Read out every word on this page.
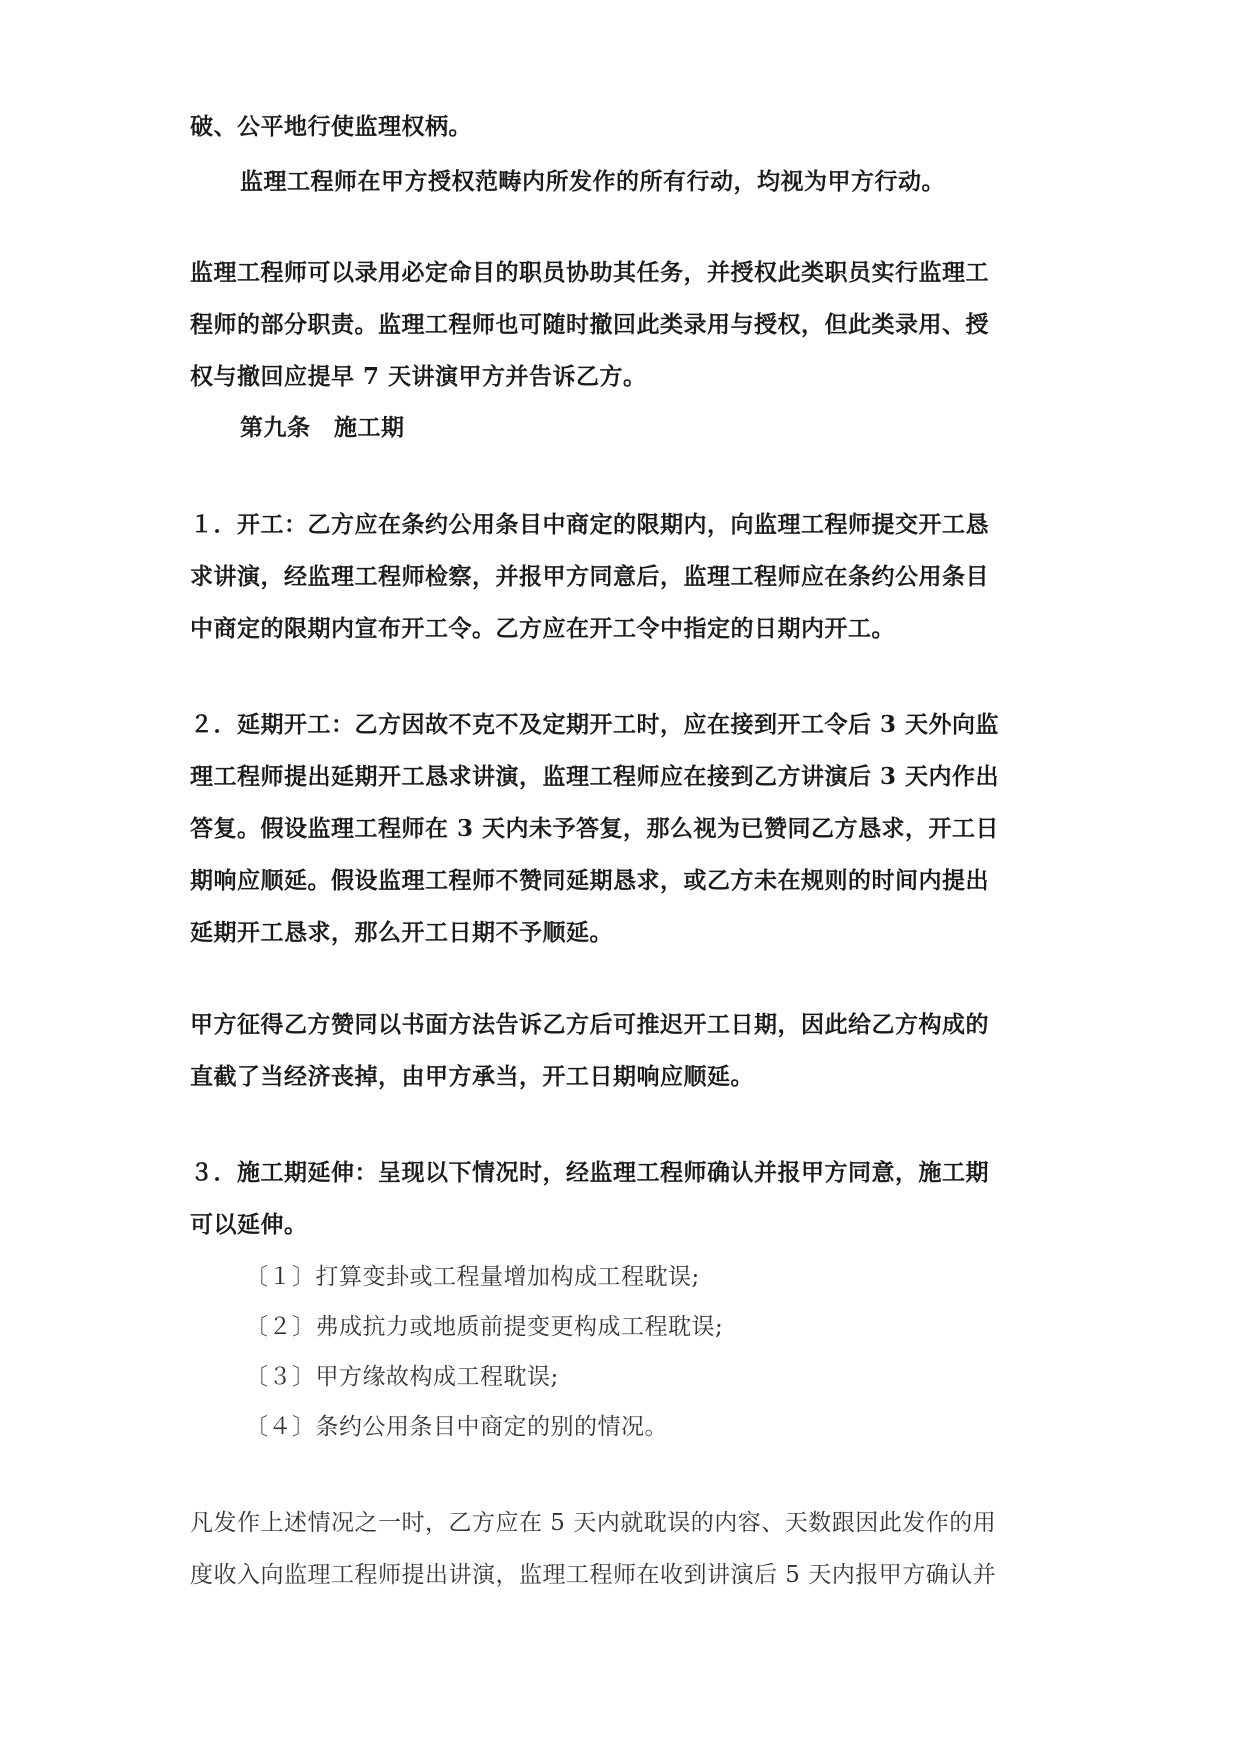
破、公平地行使监理权柄。
监理工程师在甲方授权范畴内所发作的所有行动，均视为甲方行动。
监理工程师可以录用必定命目的职员协助其任务，并授权此类职员实行监理工
程师的部分职责。监理工程师也可随时撤回此类录用与授权，但此类录用、授
权与撤回应提早 7 天讲演甲方并告诉乙方。
第九条　施工期
１．开工：乙方应在条约公用条目中商定的限期内，向监理工程师提交开工恳
求讲演，经监理工程师检察，并报甲方同意后，监理工程师应在条约公用条目
中商定的限期内宣布开工令。乙方应在开工令中指定的日期内开工。
２．延期开工：乙方因故不克不及定期开工时，应在接到开工令后 3 天外向监
理工程师提出延期开工恳求讲演，监理工程师应在接到乙方讲演后 3 天内作出
答复。假设监理工程师在 3 天内未予答复，那么视为已赞同乙方恳求，开工日
期响应顺延。假设监理工程师不赞同延期恳求，或乙方未在规则的时间内提出
延期开工恳求，那么开工日期不予顺延。
甲方征得乙方赞同以书面方法告诉乙方后可推迟开工日期，因此给乙方构成的
直截了当经济丧掉，由甲方承当，开工日期响应顺延。
３．施工期延伸：呈现以下情况时，经监理工程师确认并报甲方同意，施工期
可以延伸。
〔１〕打算变卦或工程量增加构成工程耽误;
〔２〕弗成抗力或地质前提变更构成工程耽误;
〔３〕甲方缘故构成工程耽误;
〔４〕条约公用条目中商定的别的情况。
凡发作上述情况之一时，乙方应在 5 天内就耽误的内容、天数跟因此发作的用
度收入向监理工程师提出讲演，监理工程师在收到讲演后 5 天内报甲方确认并
